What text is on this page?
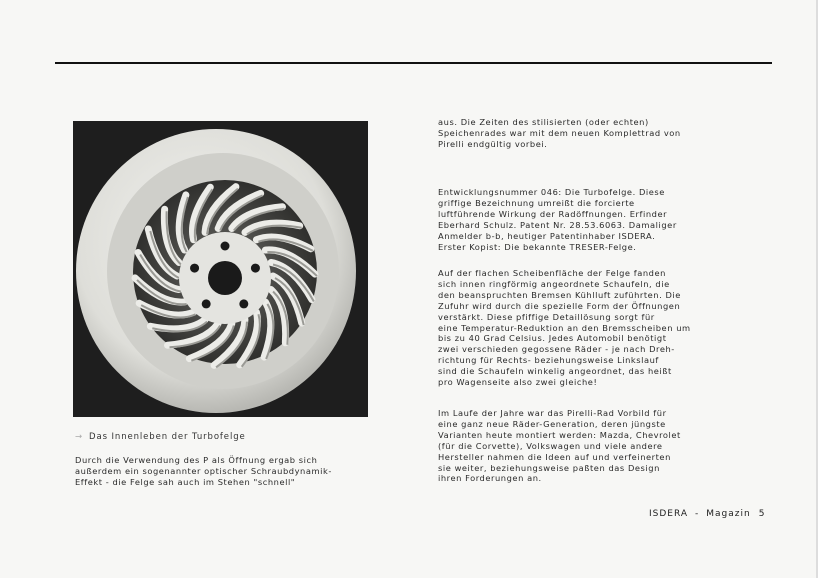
→ Das Innenleben der Turbofelge

Durch die Verwendung des P als Öffnung ergab sich
außerdem ein sogenannter optischer Schraubdynamik-
Effekt - die Felge sah auch im Stehen "schnell"

aus. Die Zeiten des stilisierten (oder echten)
Speichenrades war mit dem neuen Komplettrad von
Pirelli endgültig vorbei.

Entwicklungsnummer 046: Die Turbofelge. Diese
griffige Bezeichnung umreißt die forcierte
luftführende Wirkung der Radöffnungen. Erfinder
Eberhard Schulz. Patent Nr. 28.53.6063. Damaliger
Anmelder b-b, heutiger Patentinhaber ISDERA.
Erster Kopist: Die bekannte TRESER-Felge.

Auf der flachen Scheibenfläche der Felge fanden
sich innen ringförmig angeordnete Schaufeln, die
den beanspruchten Bremsen Kühlluft zuführten. Die
Zufuhr wird durch die spezielle Form der Öffnungen
verstärkt. Diese pfiffige Detaillösung sorgt für
eine Temperatur-Reduktion an den Bremsscheiben um
bis zu 40 Grad Celsius. Jedes Automobil benötigt
zwei verschieden gegossene Räder - je nach Dreh-
richtung für Rechts- beziehungsweise Linkslauf
sind die Schaufeln winkelig angeordnet, das heißt
pro Wagenseite also zwei gleiche!

Im Laufe der Jahre war das Pirelli-Rad Vorbild für
eine ganz neue Räder-Generation, deren jüngste
Varianten heute montiert werden: Mazda, Chevrolet
(für die Corvette), Volkswagen und viele andere
Hersteller nahmen die Ideen auf und verfeinerten
sie weiter, beziehungsweise paßten das Design
ihren Forderungen an.

ISDERA - Magazin 5
